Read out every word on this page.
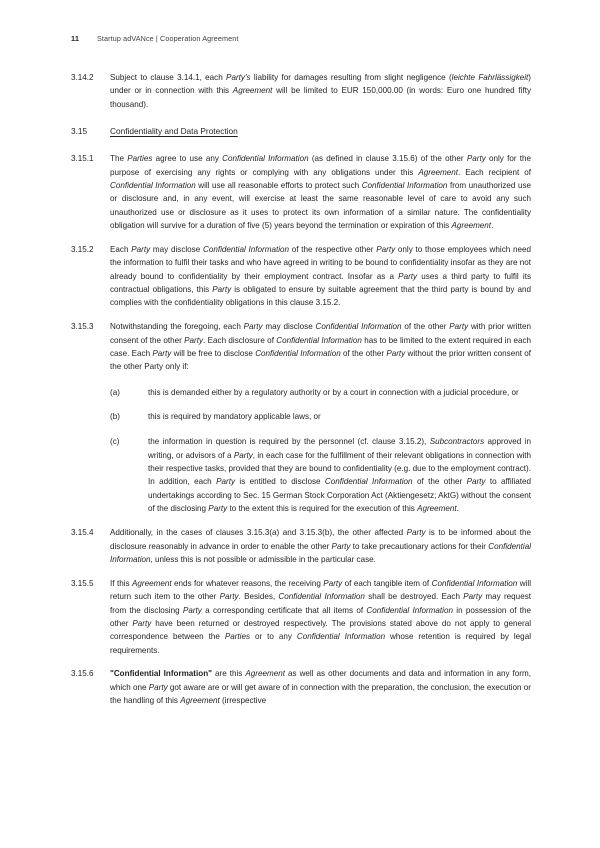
11	Startup adVANce | Cooperation Agreement
3.14.2	Subject to clause 3.14.1, each Party's liability for damages resulting from slight negligence (leichte Fahrlässigkeit) under or in connection with this Agreement will be limited to EUR 150,000.00 (in words: Euro one hundred fifty thousand).
3.15	Confidentiality and Data Protection
3.15.1	The Parties agree to use any Confidential Information (as defined in clause 3.15.6) of the other Party only for the purpose of exercising any rights or complying with any obligations under this Agreement. Each recipient of Confidential Information will use all reasonable efforts to protect such Confidential Information from unauthorized use or disclosure and, in any event, will exercise at least the same reasonable level of care to avoid any such unauthorized use or disclosure as it uses to protect its own information of a similar nature. The confidentiality obligation will survive for a duration of five (5) years beyond the termination or expiration of this Agreement.
3.15.2	Each Party may disclose Confidential Information of the respective other Party only to those employees which need the information to fulfil their tasks and who have agreed in writing to be bound to confidentiality insofar as they are not already bound to confidentiality by their employment contract. Insofar as a Party uses a third party to fulfil its contractual obligations, this Party is obligated to ensure by suitable agreement that the third party is bound by and complies with the confidentiality obligations in this clause 3.15.2.
3.15.3	Notwithstanding the foregoing, each Party may disclose Confidential Information of the other Party with prior written consent of the other Party. Each disclosure of Confidential Information has to be limited to the extent required in each case. Each Party will be free to disclose Confidential Information of the other Party without the prior written consent of the other Party only if:
(a)	this is demanded either by a regulatory authority or by a court in connection with a judicial procedure, or
(b)	this is required by mandatory applicable laws, or
(c)	the information in question is required by the personnel (cf. clause 3.15.2), Subcontractors approved in writing, or advisors of a Party, in each case for the fulfillment of their relevant obligations in connection with their respective tasks, provided that they are bound to confidentiality (e.g. due to the employment contract). In addition, each Party is entitled to disclose Confidential Information of the other Party to affiliated undertakings according to Sec. 15 German Stock Corporation Act (Aktiengesetz; AktG) without the consent of the disclosing Party to the extent this is required for the execution of this Agreement.
3.15.4	Additionally, in the cases of clauses 3.15.3(a) and 3.15.3(b), the other affected Party is to be informed about the disclosure reasonably in advance in order to enable the other Party to take precautionary actions for their Confidential Information, unless this is not possible or admissible in the particular case.
3.15.5	If this Agreement ends for whatever reasons, the receiving Party of each tangible item of Confidential Information will return such item to the other Party. Besides, Confidential Information shall be destroyed. Each Party may request from the disclosing Party a corresponding certificate that all items of Confidential Information in possession of the other Party have been returned or destroyed respectively. The provisions stated above do not apply to general correspondence between the Parties or to any Confidential Information whose retention is required by legal requirements.
3.15.6	"Confidential Information" are this Agreement as well as other documents and data and information in any form, which one Party got aware are or will get aware of in connection with the preparation, the conclusion, the execution or the handling of this Agreement (irrespective
